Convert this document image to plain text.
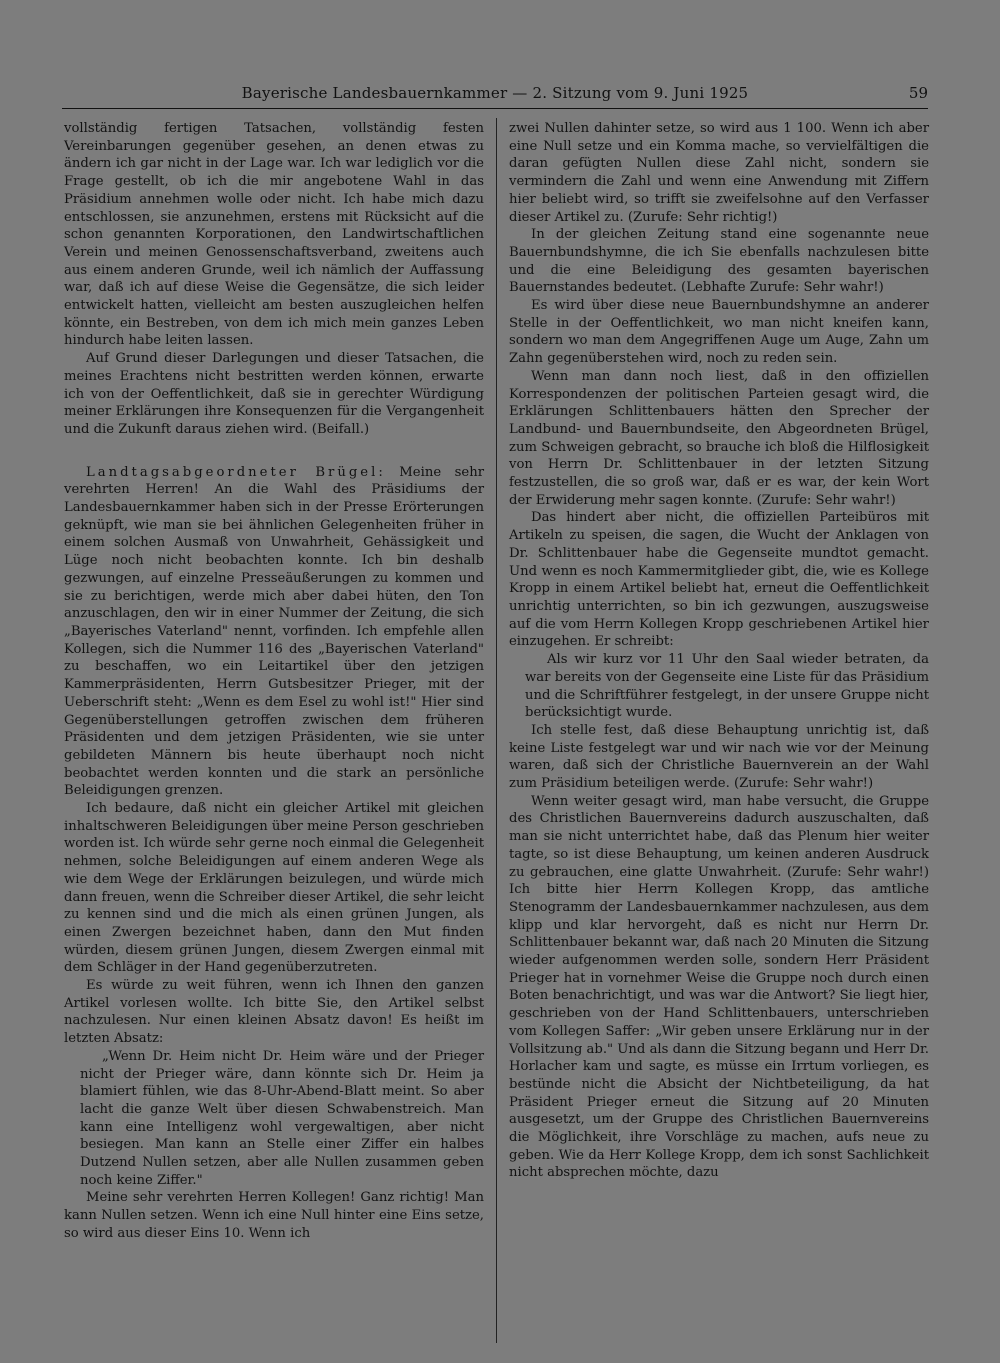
Bayerische Landesbauernkammer — 2. Sitzung vom 9. Juni 1925	59

vollständig fertigen Tatsachen, vollständig festen Vereinbarungen gegenüber gesehen, an denen etwas zu ändern ich gar nicht in der Lage war. Ich war lediglich vor die Frage gestellt, ob ich die mir angebotene Wahl in das Präsidium annehmen wolle oder nicht. Ich habe mich dazu entschlossen, sie anzunehmen, erstens mit Rücksicht auf die schon genannten Korporationen, den Landwirtschaftlichen Verein und meinen Genossenschaftsverband, zweitens auch aus einem anderen Grunde, weil ich nämlich der Auffassung war, daß ich auf diese Weise die Gegensätze, die sich leider entwickelt hatten, vielleicht am besten auszugleichen helfen könnte, ein Bestreben, von dem ich mich mein ganzes Leben hindurch habe leiten lassen.

Auf Grund dieser Darlegungen und dieser Tatsachen, die meines Erachtens nicht bestritten werden können, erwarte ich von der Oeffentlichkeit, daß sie in gerechter Würdigung meiner Erklärungen ihre Konsequenzen für die Vergangenheit und die Zukunft daraus ziehen wird. (Beifall.)

Landtagsabgeordneter Brügel: Meine sehr verehrten Herren! An die Wahl des Präsidiums der Landesbauernkammer haben sich in der Presse Erörterungen geknüpft, wie man sie bei ähnlichen Gelegenheiten früher in einem solchen Ausmaß von Unwahrheit, Gehässigkeit und Lüge noch nicht beobachten konnte. Ich bin deshalb gezwungen, auf einzelne Presseäußerungen zu kommen und sie zu berichtigen, werde mich aber dabei hüten, den Ton anzuschlagen, den wir in einer Nummer der Zeitung, die sich „Bayerisches Vaterland" nennt, vorfinden. Ich empfehle allen Kollegen, sich die Nummer 116 des „Bayerischen Vaterland" zu beschaffen, wo ein Leitartikel über den jetzigen Kammerpräsidenten, Herrn Gutsbesitzer Prieger, mit der Ueberschrift steht: „Wenn es dem Esel zu wohl ist!" Hier sind Gegenüberstellungen getroffen zwischen dem früheren Präsidenten und dem jetzigen Präsidenten, wie sie unter gebildeten Männern bis heute überhaupt noch nicht beobachtet werden konnten und die stark an persönliche Beleidigungen grenzen.

Ich bedaure, daß nicht ein gleicher Artikel mit gleichen inhaltschweren Beleidigungen über meine Person geschrieben worden ist. Ich würde sehr gerne noch einmal die Gelegenheit nehmen, solche Beleidigungen auf einem anderen Wege als wie dem Wege der Erklärungen beizulegen, und würde mich dann freuen, wenn die Schreiber dieser Artikel, die sehr leicht zu kennen sind und die mich als einen grünen Jungen, als einen Zwergen bezeichnet haben, dann den Mut finden würden, diesem grünen Jungen, diesem Zwergen einmal mit dem Schläger in der Hand gegenüberzutreten.

Es würde zu weit führen, wenn ich Ihnen den ganzen Artikel vorlesen wollte. Ich bitte Sie, den Artikel selbst nachzulesen. Nur einen kleinen Absatz davon! Es heißt im letzten Absatz:

„Wenn Dr. Heim nicht Dr. Heim wäre und der Prieger nicht der Prieger wäre, dann könnte sich Dr. Heim ja blamiert fühlen, wie das 8-Uhr-Abend-Blatt meint. So aber lacht die ganze Welt über diesen Schwabenstreich. Man kann eine Intelligenz wohl vergewaltigen, aber nicht besiegen. Man kann an Stelle einer Ziffer ein halbes Dutzend Nullen setzen, aber alle Nullen zusammen geben noch keine Ziffer."

Meine sehr verehrten Herren Kollegen! Ganz richtig! Man kann Nullen setzen. Wenn ich eine Null hinter eine Eins setze, so wird aus dieser Eins 10. Wenn ich

zwei Nullen dahinter setze, so wird aus 1 100. Wenn ich aber eine Null setze und ein Komma mache, so vervielfältigen die daran gefügten Nullen diese Zahl nicht, sondern sie vermindern die Zahl und wenn eine Anwendung mit Ziffern hier beliebt wird, so trifft sie zweifelsohne auf den Verfasser dieser Artikel zu. (Zurufe: Sehr richtig!)

In der gleichen Zeitung stand eine sogenannte neue Bauernbundshymne, die ich Sie ebenfalls nachzulesen bitte und die eine Beleidigung des gesamten bayerischen Bauernstandes bedeutet. (Lebhafte Zurufe: Sehr wahr!)

Es wird über diese neue Bauernbundshymne an anderer Stelle in der Oeffentlichkeit, wo man nicht kneifen kann, sondern wo man dem Angegriffenen Auge um Auge, Zahn um Zahn gegenüberstehen wird, noch zu reden sein.

Wenn man dann noch liest, daß in den offiziellen Korrespondenzen der politischen Parteien gesagt wird, die Erklärungen Schlittenbauers hätten den Sprecher der Landbund- und Bauernbundseite, den Abgeordneten Brügel, zum Schweigen gebracht, so brauche ich bloß die Hilflosigkeit von Herrn Dr. Schlittenbauer in der letzten Sitzung festzustellen, die so groß war, daß er es war, der kein Wort der Erwiderung mehr sagen konnte. (Zurufe: Sehr wahr!)

Das hindert aber nicht, die offiziellen Parteibüros mit Artikeln zu speisen, die sagen, die Wucht der Anklagen von Dr. Schlittenbauer habe die Gegenseite mundtot gemacht. Und wenn es noch Kammermitglieder gibt, die, wie es Kollege Kropp in einem Artikel beliebt hat, erneut die Oeffentlichkeit unrichtig unterrichten, so bin ich gezwungen, auszugsweise auf die vom Herrn Kollegen Kropp geschriebenen Artikel hier einzugehen. Er schreibt:

Als wir kurz vor 11 Uhr den Saal wieder betraten, da war bereits von der Gegenseite eine Liste für das Präsidium und die Schriftführer festgelegt, in der unsere Gruppe nicht berücksichtigt wurde.

Ich stelle fest, daß diese Behauptung unrichtig ist, daß keine Liste festgelegt war und wir nach wie vor der Meinung waren, daß sich der Christliche Bauernverein an der Wahl zum Präsidium beteiligen werde. (Zurufe: Sehr wahr!)

Wenn weiter gesagt wird, man habe versucht, die Gruppe des Christlichen Bauernvereins dadurch auszuschalten, daß man sie nicht unterrichtet habe, daß das Plenum hier weiter tagte, so ist diese Behauptung, um keinen anderen Ausdruck zu gebrauchen, eine glatte Unwahrheit. (Zurufe: Sehr wahr!) Ich bitte hier Herrn Kollegen Kropp, das amtliche Stenogramm der Landesbauernkammer nachzulesen, aus dem klipp und klar hervorgeht, daß es nicht nur Herrn Dr. Schlittenbauer bekannt war, daß nach 20 Minuten die Sitzung wieder aufgenommen werden solle, sondern Herr Präsident Prieger hat in vornehmer Weise die Gruppe noch durch einen Boten benachrichtigt, und was war die Antwort? Sie liegt hier, geschrieben von der Hand Schlittenbauers, unterschrieben vom Kollegen Saffer: „Wir geben unsere Erklärung nur in der Vollsitzung ab." Und als dann die Sitzung begann und Herr Dr. Horlacher kam und sagte, es müsse ein Irrtum vorliegen, es bestünde nicht die Absicht der Nichtbeteiligung, da hat Präsident Prieger erneut die Sitzung auf 20 Minuten ausgesetzt, um der Gruppe des Christlichen Bauernvereins die Möglichkeit, ihre Vorschläge zu machen, aufs neue zu geben. Wie da Herr Kollege Kropp, dem ich sonst Sachlichkeit nicht absprechen möchte, dazu
